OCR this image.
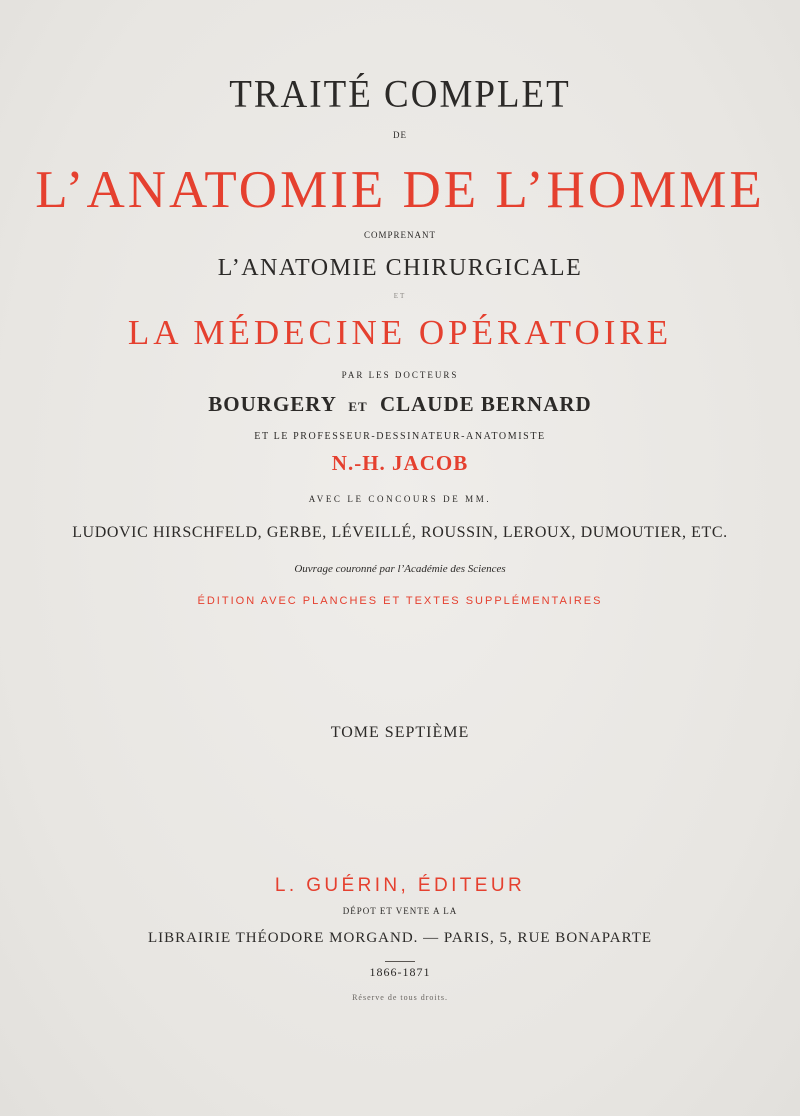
TRAITÉ COMPLET
DE
L’ANATOMIE DE L’HOMME
COMPRENANT
L’ANATOMIE CHIRURGICALE
ET
LA MÉDECINE OPÉRATOIRE
PAR LES DOCTEURS
BOURGERY ET CLAUDE BERNARD
ET LE PROFESSEUR-DESSINATEUR-ANATOMISTE
N.-H. JACOB
AVEC LE CONCOURS DE MM.
LUDOVIC HIRSCHFELD, GERBE, LÉVEILLÉ, ROUSSIN, LEROUX, DUMOUTIER, ETC.
Ouvrage couronné par l’Académie des Sciences
ÉDITION AVEC PLANCHES ET TEXTES SUPPLÉMENTAIRES
TOME SEPTIÈME
L. GUÉRIN, ÉDITEUR
DÉPOT ET VENTE A LA
LIBRAIRIE THÉODORE MORGAND. — PARIS, 5, RUE BONAPARTE
1866-1871
Réserve de tous droits.
